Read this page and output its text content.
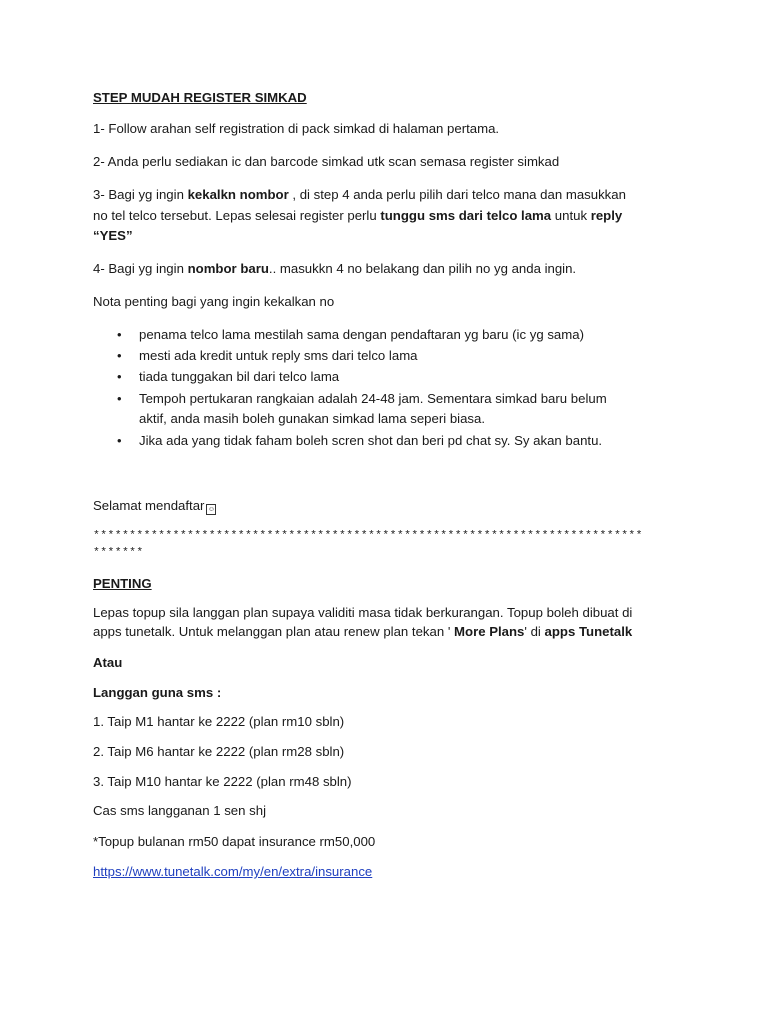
STEP MUDAH REGISTER SIMKAD
1- Follow arahan self registration di pack simkad di halaman pertama.
2- Anda perlu sediakan ic dan barcode simkad utk scan semasa register simkad
3- Bagi yg ingin kekalkn nombor , di step 4 anda perlu pilih dari telco mana dan masukkan
no tel telco tersebut. Lepas selesai register perlu tunggu sms dari telco lama untuk reply
“YES”
4- Bagi yg ingin nombor baru.. masukkn 4 no belakang dan pilih no yg anda ingin.
Nota penting bagi yang ingin kekalkan no
• penama telco lama mestilah sama dengan pendaftaran yg baru (ic yg sama)
• mesti ada kredit untuk reply sms dari telco lama
• tiada tunggakan bil dari telco lama
• Tempoh pertukaran rangkaian adalah 24-48 jam. Sementara simkad baru belum
aktif, anda masih boleh gunakan simkad lama seperi biasa.
• Jika ada yang tidak faham boleh scren shot dan beri pd chat sy. Sy akan bantu.
Selamat mendaftar ☺
****************************************************************************
*******
PENTING
Lepas topup sila langgan plan supaya validiti masa tidak berkurangan. Topup boleh dibuat di
apps tunetalk. Untuk melanggan plan atau renew plan tekan ' More Plans' di apps Tunetalk
Atau
Langgan guna sms :
1. Taip M1 hantar ke 2222 (plan rm10 sbln)
2. Taip M6 hantar ke 2222 (plan rm28 sbln)
3. Taip M10 hantar ke 2222 (plan rm48 sbln)
Cas sms langganan 1 sen shj
*Topup bulanan rm50 dapat insurance rm50,000
https://www.tunetalk.com/my/en/extra/insurance
